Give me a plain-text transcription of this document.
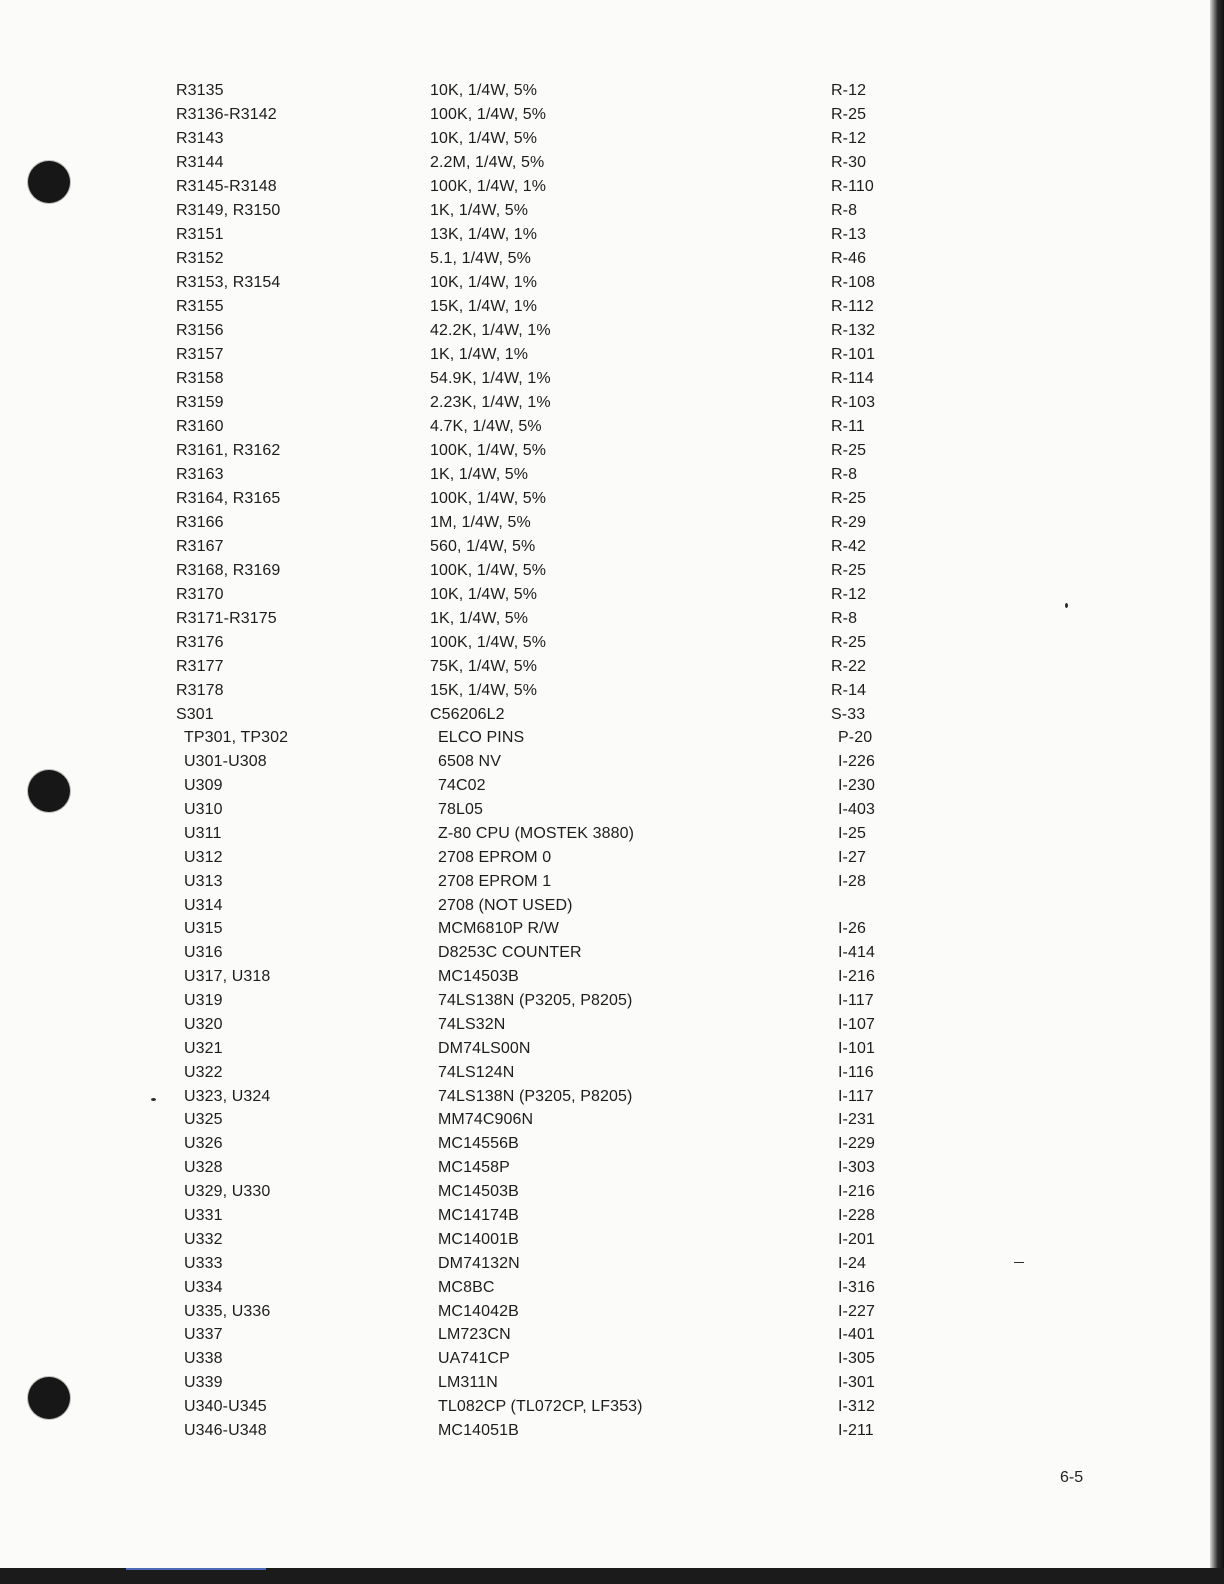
R3135	10K, 1/4W, 5%	R-12
R3136-R3142	100K, 1/4W, 5%	R-25
R3143	10K, 1/4W, 5%	R-12
R3144	2.2M, 1/4W, 5%	R-30
R3145-R3148	100K, 1/4W, 1%	R-110
R3149, R3150	1K, 1/4W, 5%	R-8
R3151	13K, 1/4W, 1%	R-13
R3152	5.1, 1/4W, 5%	R-46
R3153, R3154	10K, 1/4W, 1%	R-108
R3155	15K, 1/4W, 1%	R-112
R3156	42.2K, 1/4W, 1%	R-132
R3157	1K, 1/4W, 1%	R-101
R3158	54.9K, 1/4W, 1%	R-114
R3159	2.23K, 1/4W, 1%	R-103
R3160	4.7K, 1/4W, 5%	R-11
R3161, R3162	100K, 1/4W, 5%	R-25
R3163	1K, 1/4W, 5%	R-8
R3164, R3165	100K, 1/4W, 5%	R-25
R3166	1M, 1/4W, 5%	R-29
R3167	560, 1/4W, 5%	R-42
R3168, R3169	100K, 1/4W, 5%	R-25
R3170	10K, 1/4W, 5%	R-12
R3171-R3175	1K, 1/4W, 5%	R-8
R3176	100K, 1/4W, 5%	R-25
R3177	75K, 1/4W, 5%	R-22
R3178	15K, 1/4W, 5%	R-14
S301	C56206L2	S-33
TP301, TP302	ELCO PINS	P-20
U301-U308	6508 NV	I-226
U309	74C02	I-230
U310	78L05	I-403
U311	Z-80 CPU (MOSTEK 3880)	I-25
U312	2708 EPROM 0	I-27
U313	2708 EPROM 1	I-28
U314	2708 (NOT USED)
U315	MCM6810P R/W	I-26
U316	D8253C COUNTER	I-414
U317, U318	MC14503B	I-216
U319	74LS138N (P3205, P8205)	I-117
U320	74LS32N	I-107
U321	DM74LS00N	I-101
U322	74LS124N	I-116
U323, U324	74LS138N (P3205, P8205)	I-117
U325	MM74C906N	I-231
U326	MC14556B	I-229
U328	MC1458P	I-303
U329, U330	MC14503B	I-216
U331	MC14174B	I-228
U332	MC14001B	I-201
U333	DM74132N	I-24
U334	MC8BC	I-316
U335, U336	MC14042B	I-227
U337	LM723CN	I-401
U338	UA741CP	I-305
U339	LM311N	I-301
U340-U345	TL082CP (TL072CP, LF353)	I-312
U346-U348	MC14051B	I-211
6-5
